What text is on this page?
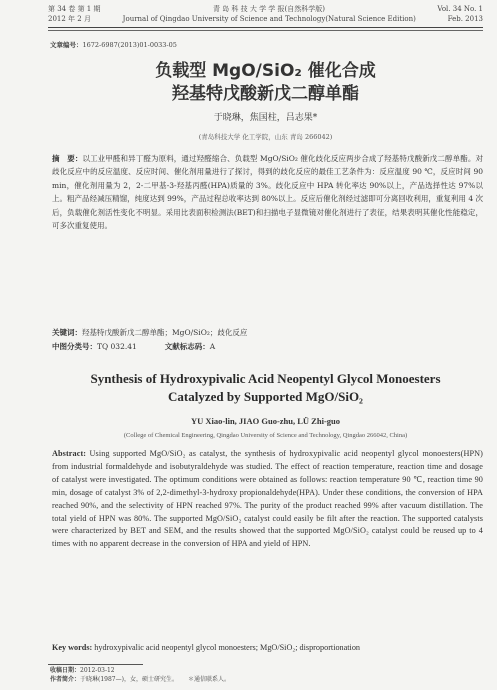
第 34 卷 第 1 期	青 岛 科 技 大 学 学 报(自然科学版)	Vol. 34 No. 1
2012 年 2 月	Journal of Qingdao University of Science and Technology(Natural Science Edition)	Feb. 2013
文章编号：1672-6987(2013)01-0033-05
负载型 MgO/SiO₂ 催化合成
羟基特戊酸新戊二醇单酯
于晓琳，焦国柱，吕志果*
(青岛科技大学 化工学院，山东 青岛 266042)
摘　要：以工业甲醛和异丁醛为原料，通过羟醛缩合、负载型 MgO/SiO₂ 催化歧化反应两步合成了羟基特戊酸新戊二醇单酯。对歧化反应中的反应温度、反应时间、催化剂用量进行了探讨，得到的歧化反应的最佳工艺条件为：反应温度 90 ℃，反应时间 90 min，催化剂用量为 2，2-二甲基-3-羟基丙醛(HPA)质量的 3%。歧化反应中 HPA 转化率达 90%以上，产品选择性达 97%以上。粗产品经减压精馏，纯度达到 99%，产品过程总收率达到 80%以上。反应后催化剂经过滤即可分离回收利用，重复利用 4 次后，负载催化剂活性变化不明显。采用比表面积检测法(BET)和扫描电子显微镜对催化剂进行了表征，结果表明其催化性能稳定，可多次重复使用。
关键词：羟基特戊酸新戊二醇单酯；MgO/SiO₂；歧化反应
中图分类号：TQ 032.41	文献标志码：A
Synthesis of Hydroxypivalic Acid Neopentyl Glycol Monoesters
Catalyzed by Supported MgO/SiO₂
YU Xiao-lin, JIAO Guo-zhu, LÜ Zhi-guo
(College of Chemical Engineering, Qingdao University of Science and Technology, Qingdao 266042, China)
Abstract: Using supported MgO/SiO₂ as catalyst, the synthesis of hydroxypivalic acid neopentyl glycol monoesters(HPN) from industrial formaldehyde and isobutyraldehyde was studied. The effect of reaction temperature, reaction time and dosage of catalyst were investigated. The optimum conditions were obtained as follows: reaction temperature 90 ℃, reaction time 90 min, dosage of catalyst 3% of 2,2-dimethyl-3-hydroxy propionaldehyde(HPA). Under these conditions, the conversion of HPA reached 90%, and the selectivity of HPN reached 97%. The purity of the product reached 99% after vacuum distillation. The total yield of HPN was 80%. The supported MgO/SiO₂ catalyst could easily be filt after the reaction. The supported catalysts were characterized by BET and SEM, and the results showed that the supported MgO/SiO₂ catalyst could be reused up to 4 times with no apparent decrease in the conversion of HPA and yield of HPN.
Key words: hydroxypivalic acid neopentyl glycol monoesters; MgO/SiO₂; disproportionation
收稿日期：2012-03-12
作者简介：于晓琳(1987—)，女，硕士研究生。 ＊通信联系人。
